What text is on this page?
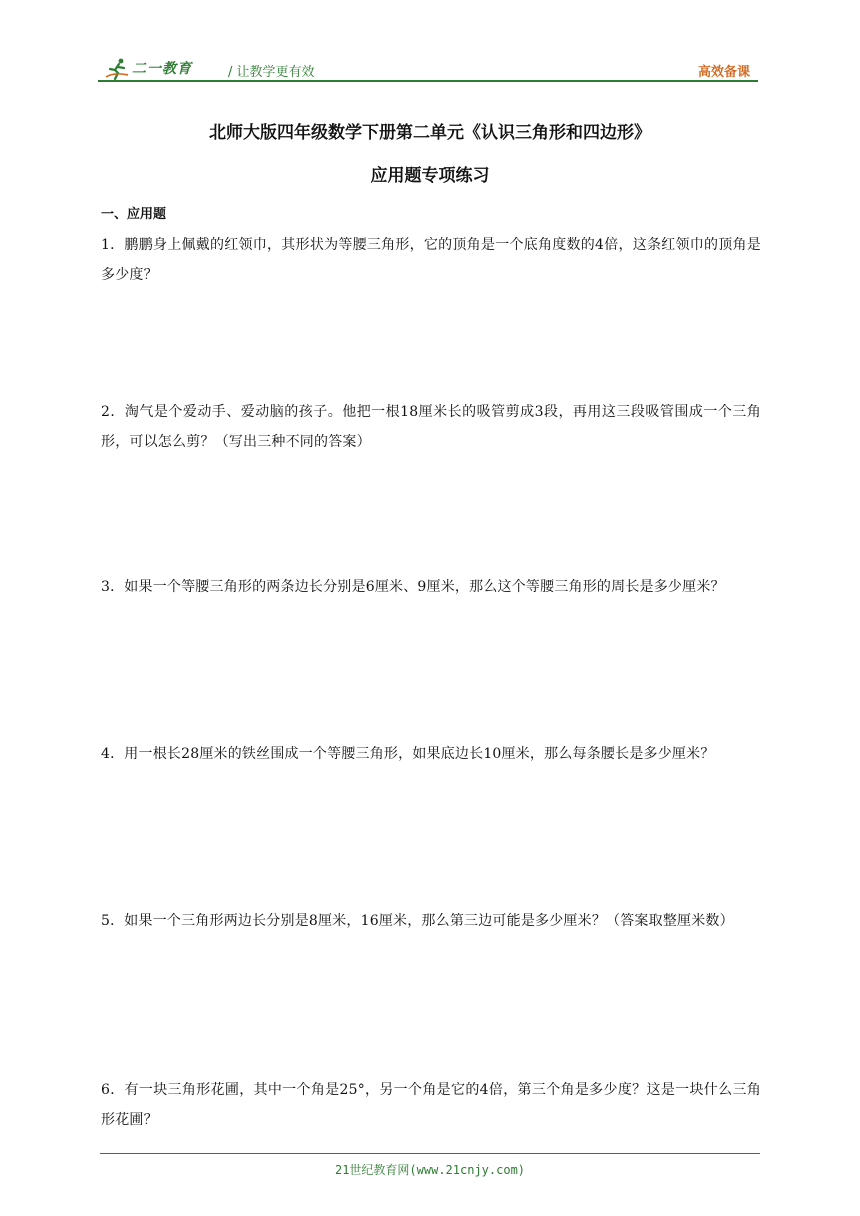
二一教育	/ 让教学更有效	高效备课
北师大版四年级数学下册第二单元《认识三角形和四边形》
应用题专项练习
一、应用题
1．鹏鹏身上佩戴的红领巾，其形状为等腰三角形，它的顶角是一个底角度数的4倍，这条红领巾的顶角是多少度？
2．淘气是个爱动手、爱动脑的孩子。他把一根18厘米长的吸管剪成3段，再用这三段吸管围成一个三角形，可以怎么剪？（写出三种不同的答案）
3．如果一个等腰三角形的两条边长分别是6厘米、9厘米，那么这个等腰三角形的周长是多少厘米？
4．用一根长28厘米的铁丝围成一个等腰三角形，如果底边长10厘米，那么每条腰长是多少厘米？
5．如果一个三角形两边长分别是8厘米，16厘米，那么第三边可能是多少厘米？（答案取整厘米数）
6．有一块三角形花圃，其中一个角是25°，另一个角是它的4倍，第三个角是多少度？这是一块什么三角形花圃？
21世纪教育网(www.21cnjy.com)
